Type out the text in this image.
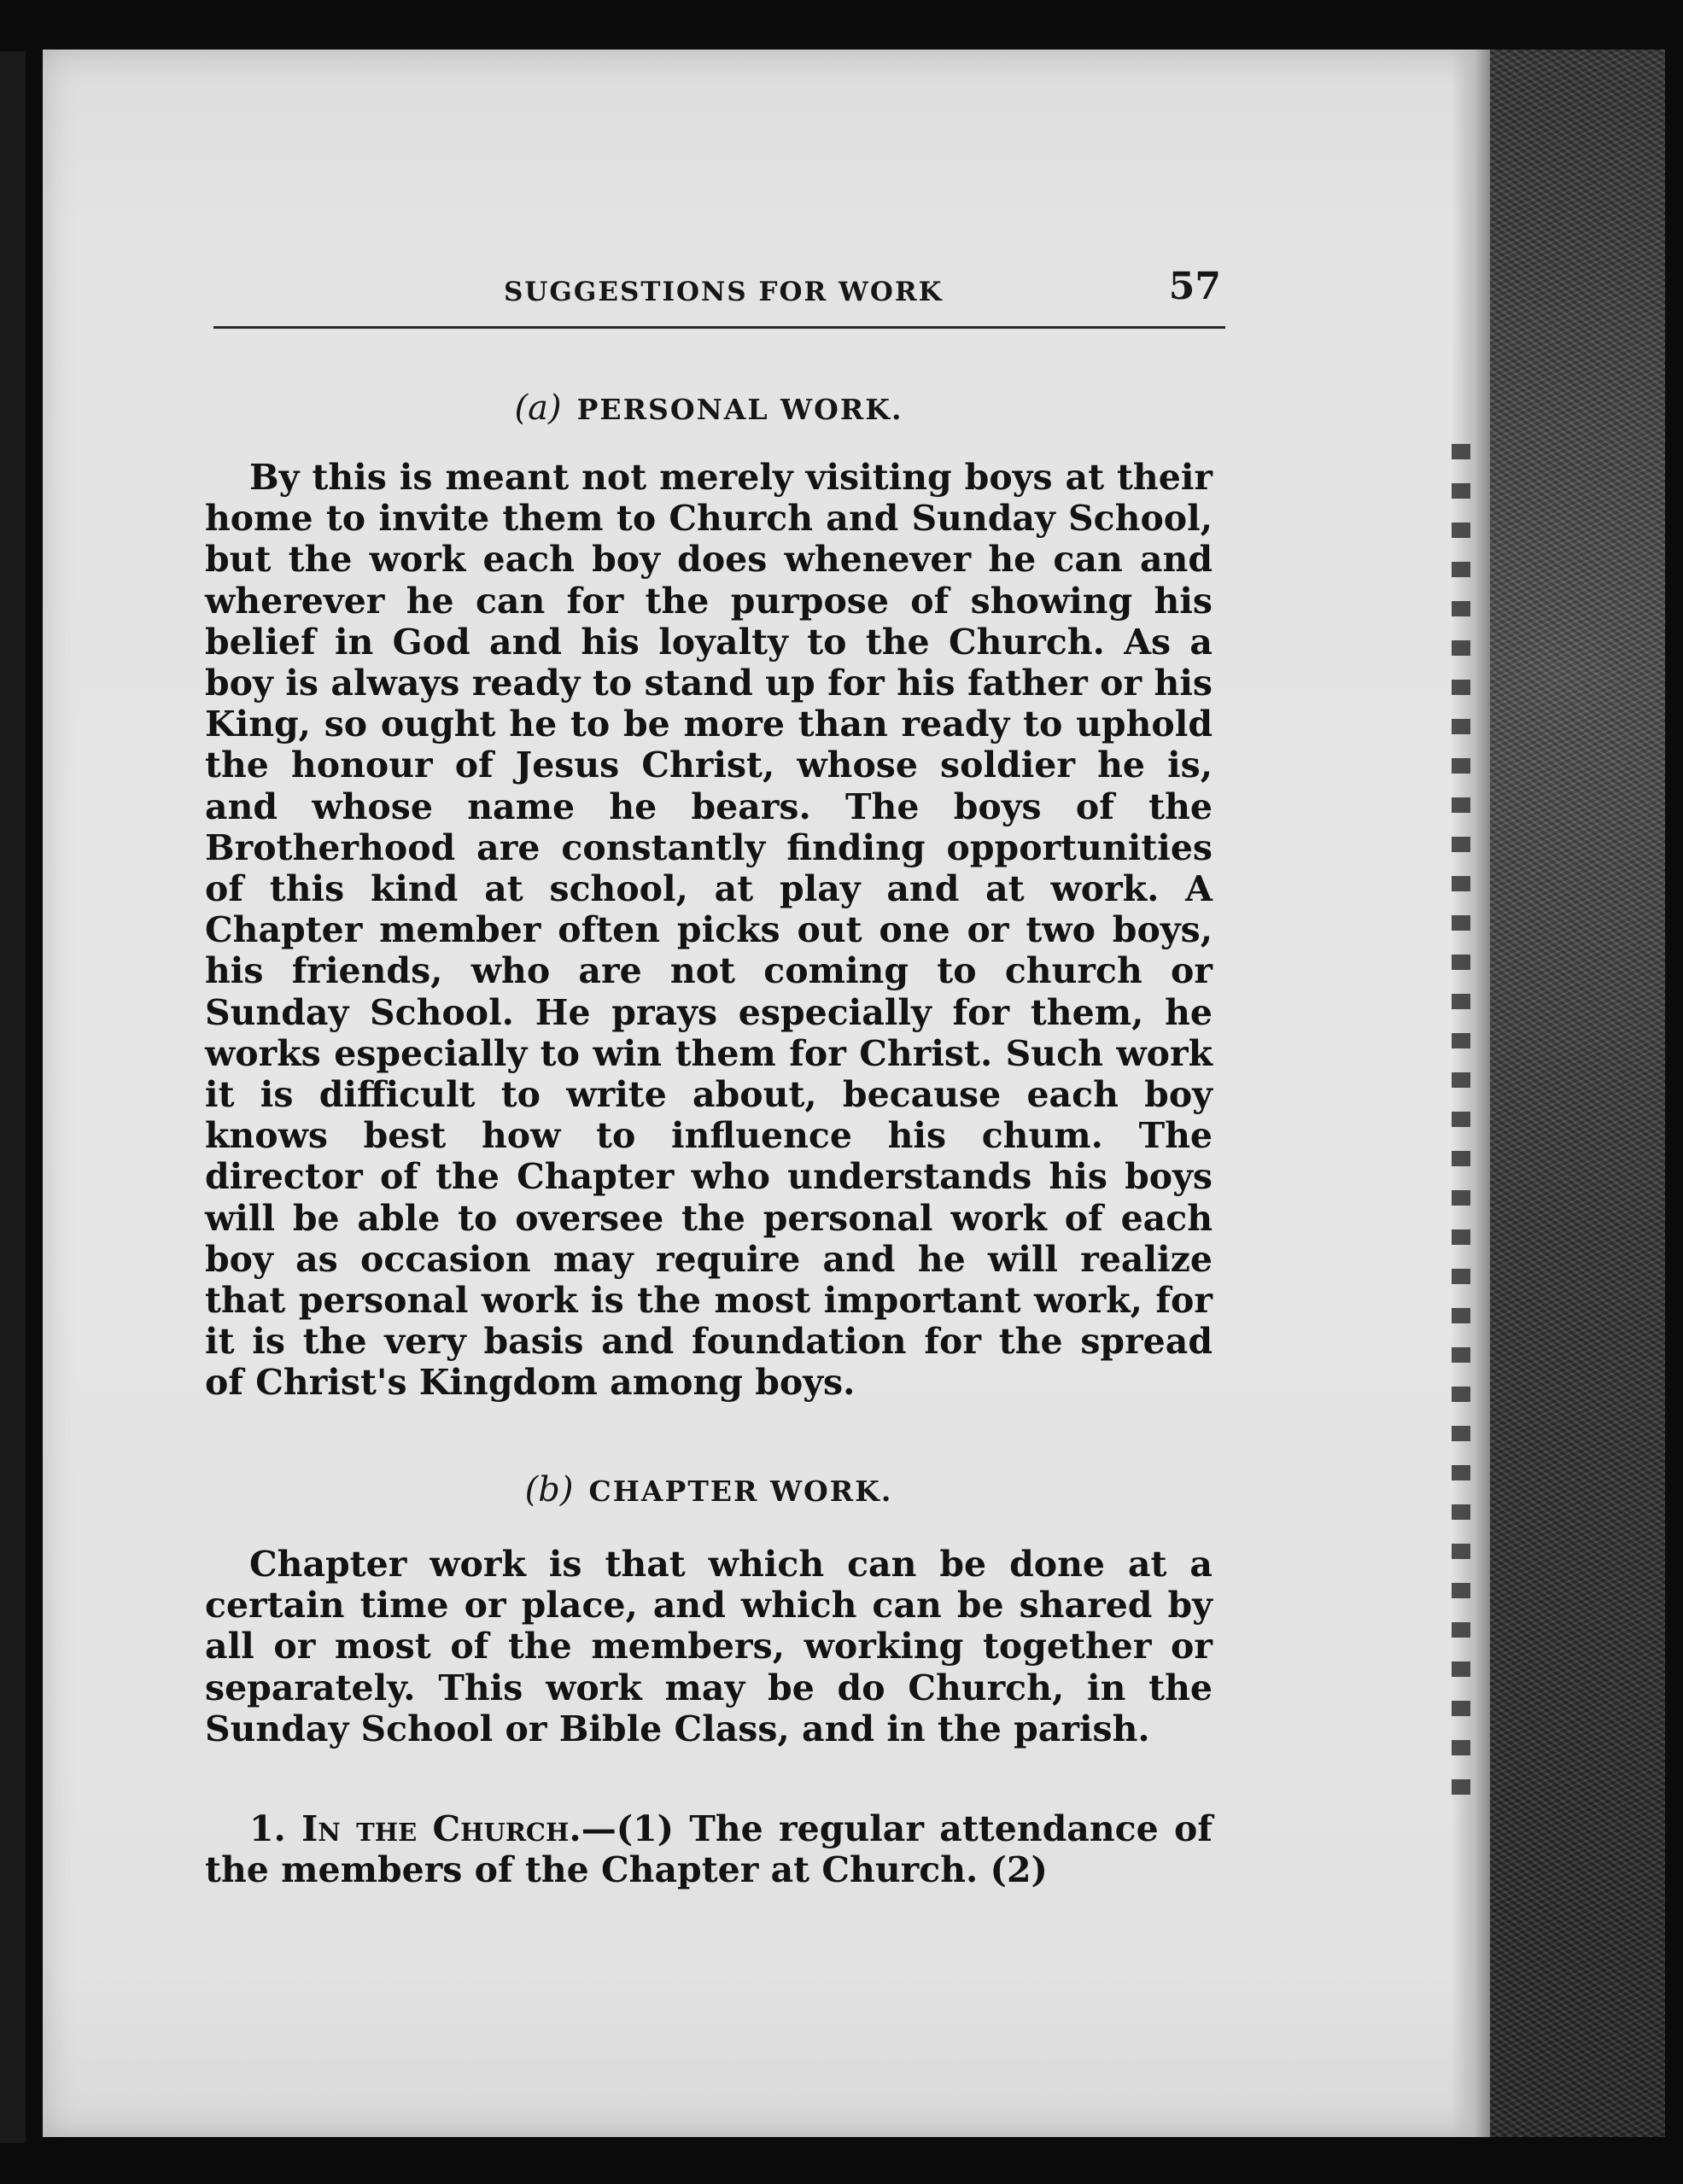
SUGGESTIONS FOR WORK	57
(a) PERSONAL WORK.

By this is meant not merely visiting boys at their home to invite them to Church and Sunday School, but the work each boy does whenever he can and wherever he can for the purpose of showing his belief in God and his loyalty to the Church. As a boy is always ready to stand up for his father or his King, so ought he to be more than ready to uphold the honour of Jesus Christ, whose soldier he is, and whose name he bears. The boys of the Brotherhood are constantly finding opportunities of this kind at school, at play and at work. A Chapter member often picks out one or two boys, his friends, who are not coming to church or Sunday School. He prays especially for them, he works especially to win them for Christ. Such work it is difficult to write about, because each boy knows best how to influence his chum. The director of the Chapter who understands his boys will be able to oversee the personal work of each boy as occasion may require and he will realize that personal work is the most important work, for it is the very basis and foundation for the spread of Christ's Kingdom among boys.

(b) CHAPTER WORK.

Chapter work is that which can be done at a certain time or place, and which can be shared by all or most of the members, working together or separately. This work may be do Church, in the Sunday School or Bible Class, and in the parish.

1. In the Church.—(1) The regular attendance of the members of the Chapter at Church. (2)
